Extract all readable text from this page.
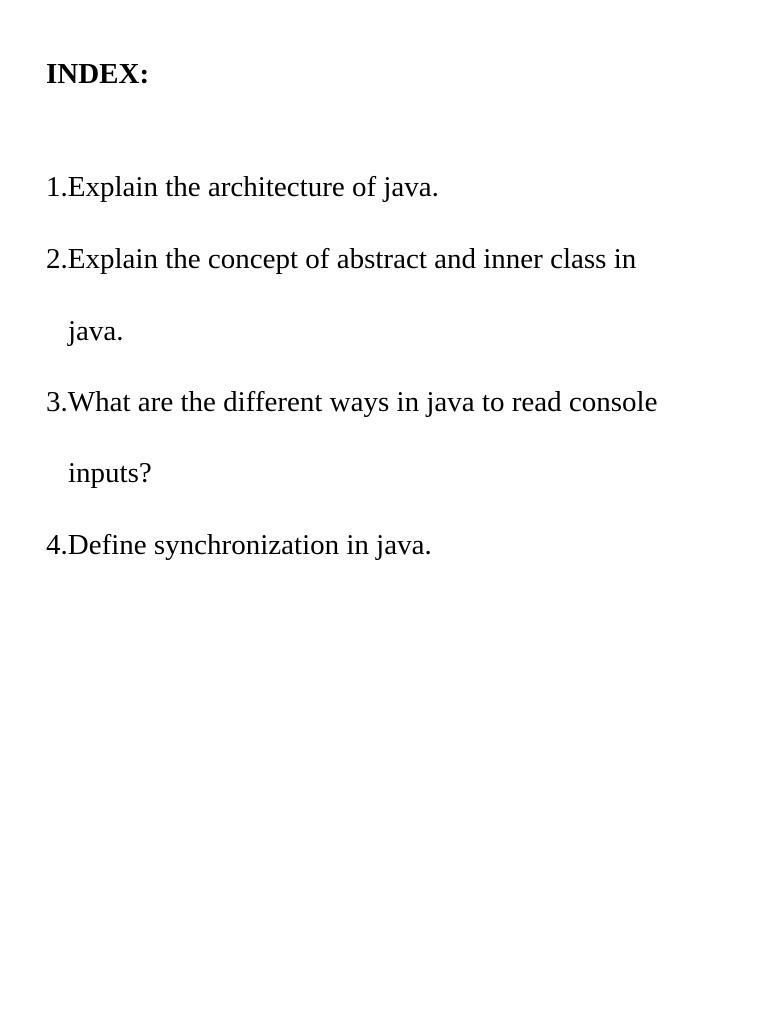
INDEX:
1.Explain the architecture of java.
2.Explain the concept of abstract and inner class in
java.
3.What are the different ways in java to read console
inputs?
4.Define synchronization in java.
